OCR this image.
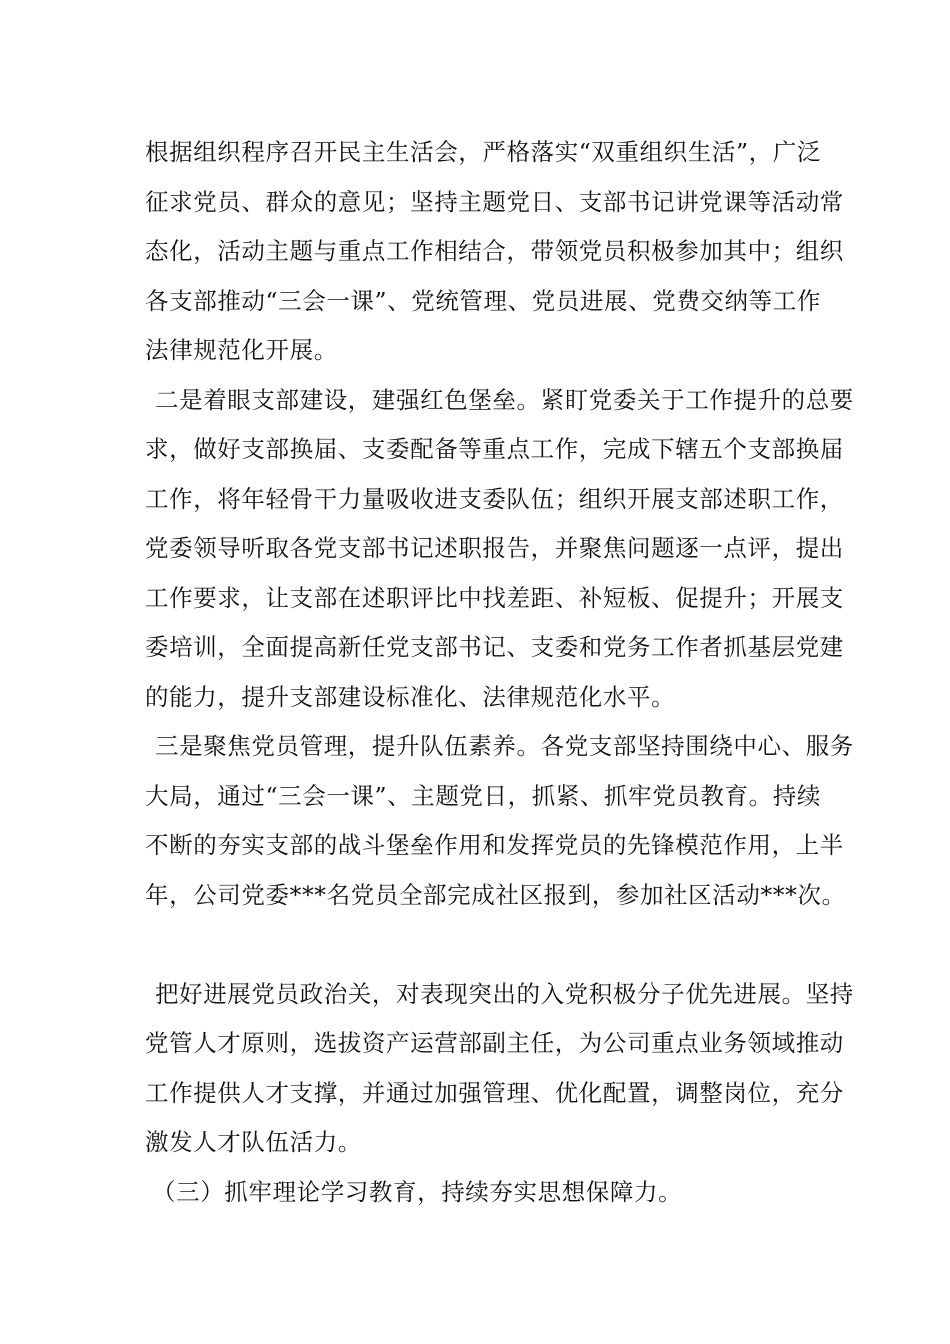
根据组织程序召开民主生活会，严格落实“双重组织生活”，广泛
征求党员、群众的意见；坚持主题党日、支部书记讲党课等活动常
态化，活动主题与重点工作相结合，带领党员积极参加其中；组织
各支部推动“三会一课”、党统管理、党员进展、党费交纳等工作
法律规范化开展。
二是着眼支部建设，建强红色堡垒。紧盯党委关于工作提升的总要
求，做好支部换届、支委配备等重点工作，完成下辖五个支部换届
工作，将年轻骨干力量吸收进支委队伍；组织开展支部述职工作，
党委领导听取各党支部书记述职报告，并聚焦问题逐一点评，提出
工作要求，让支部在述职评比中找差距、补短板、促提升；开展支
委培训，全面提高新任党支部书记、支委和党务工作者抓基层党建
的能力，提升支部建设标准化、法律规范化水平。
三是聚焦党员管理，提升队伍素养。各党支部坚持围绕中心、服务
大局，通过“三会一课”、主题党日，抓紧、抓牢党员教育。持续
不断的夯实支部的战斗堡垒作用和发挥党员的先锋模范作用，上半
年，公司党委***名党员全部完成社区报到，参加社区活动***次。
把好进展党员政治关，对表现突出的入党积极分子优先进展。坚持
党管人才原则，选拔资产运营部副主任，为公司重点业务领域推动
工作提供人才支撑，并通过加强管理、优化配置，调整岗位，充分
激发人才队伍活力。
（三）抓牢理论学习教育，持续夯实思想保障力。
